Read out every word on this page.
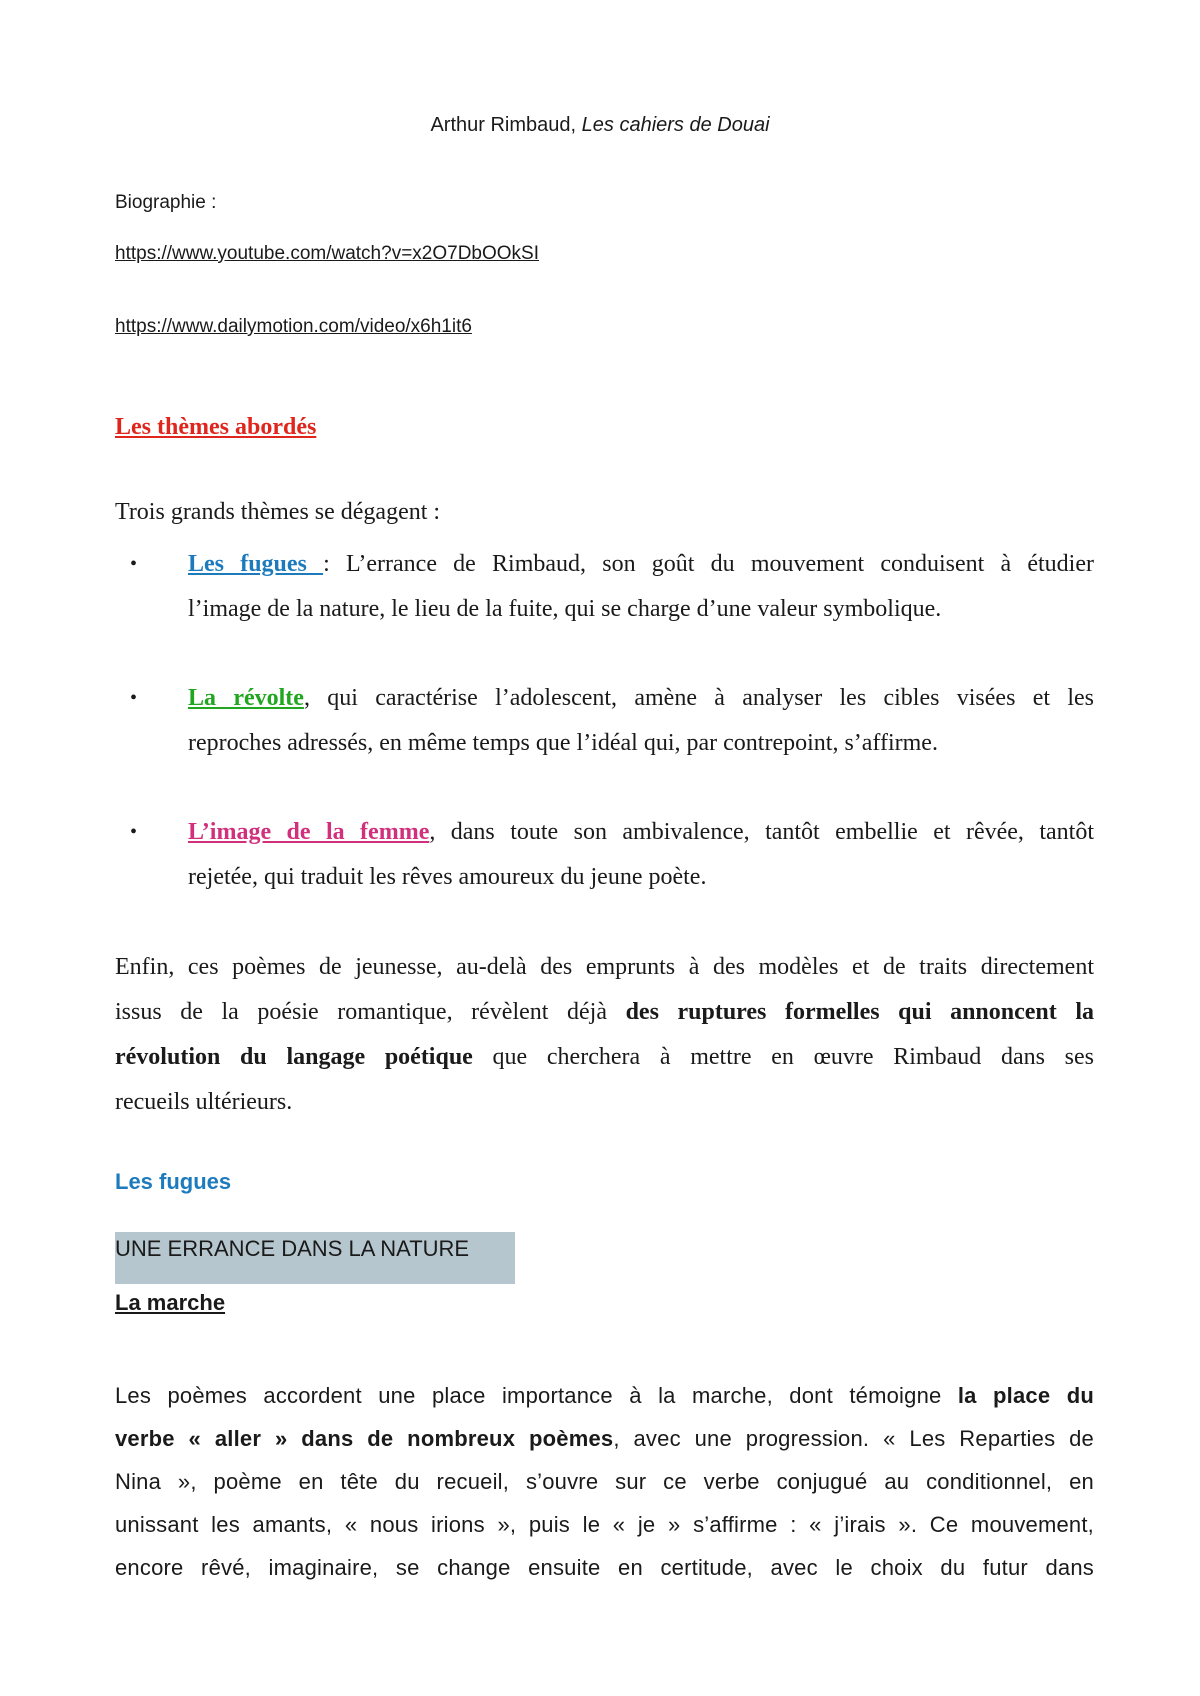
Arthur Rimbaud, Les cahiers de Douai
Biographie :
https://www.youtube.com/watch?v=x2O7DbOOkSI
https://www.dailymotion.com/video/x6h1it6
Les thèmes abordés
Trois grands thèmes se dégagent :
• Les fugues : L’errance de Rimbaud, son goût du mouvement conduisent à étudier
l’image de la nature, le lieu de la fuite, qui se charge d’une valeur symbolique.
• La révolte, qui caractérise l’adolescent, amène à analyser les cibles visées et les
reproches adressés, en même temps que l’idéal qui, par contrepoint, s’affirme.
• L’image de la femme, dans toute son ambivalence, tantôt embellie et rêvée, tantôt
rejetée, qui traduit les rêves amoureux du jeune poète.
Enfin, ces poèmes de jeunesse, au-delà des emprunts à des modèles et de traits directement
issus de la poésie romantique, révèlent déjà des ruptures formelles qui annoncent la
révolution du langage poétique que cherchera à mettre en œuvre Rimbaud dans ses
recueils ultérieurs.
Les fugues
UNE ERRANCE DANS LA NATURE
La marche
Les poèmes accordent une place importance à la marche, dont témoigne la place du
verbe « aller » dans de nombreux poèmes, avec une progression. « Les Reparties de
Nina », poème en tête du recueil, s’ouvre sur ce verbe conjugué au conditionnel, en
unissant les amants, « nous irions », puis le « je » s’affirme : « j’irais ». Ce mouvement,
encore rêvé, imaginaire, se change ensuite en certitude, avec le choix du futur dans
